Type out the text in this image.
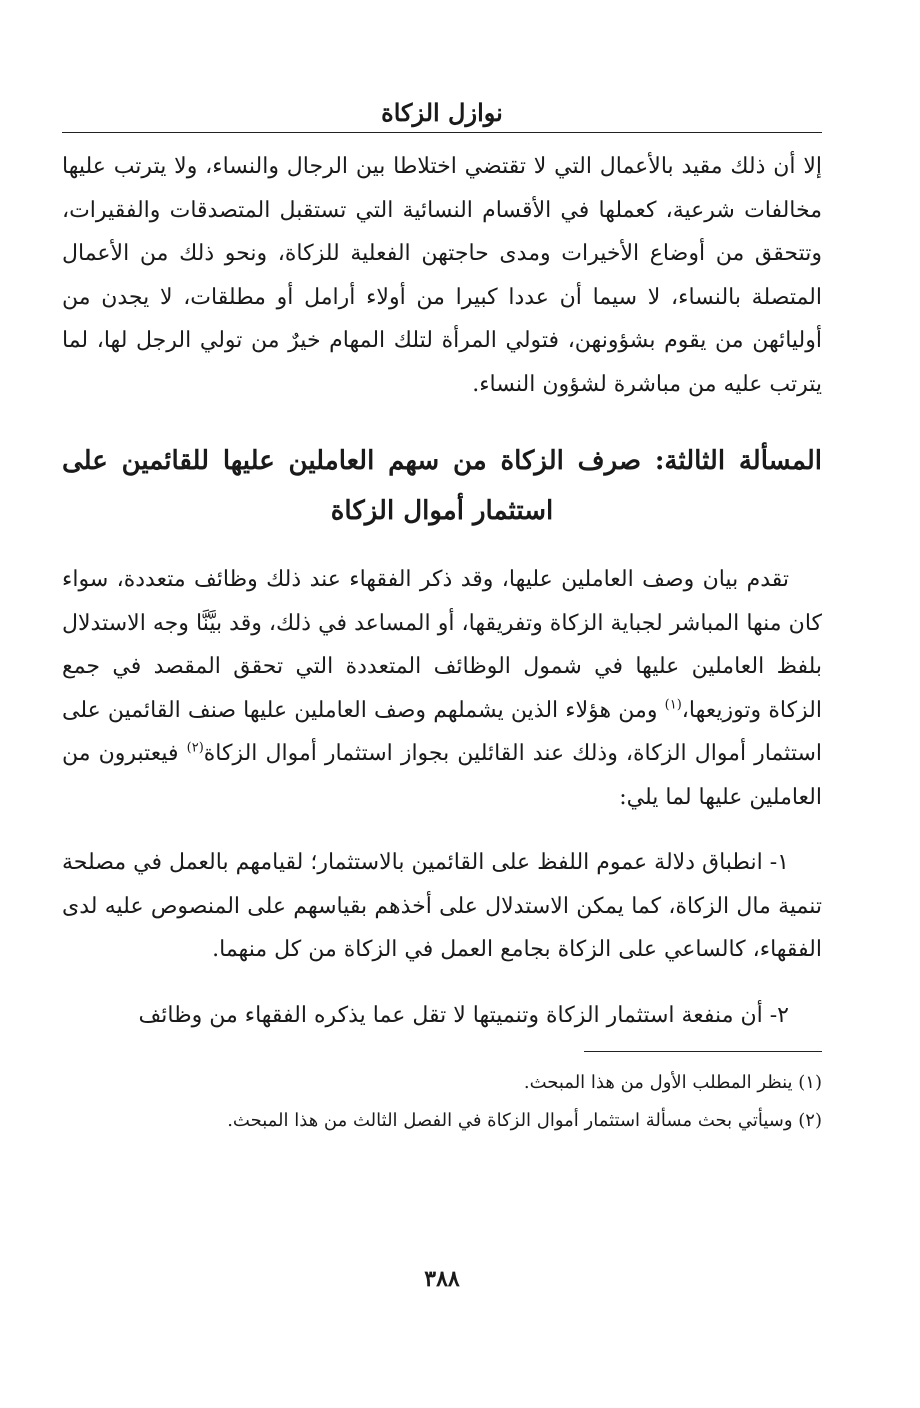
نوازل الزكاة

إلا أن ذلك مقيد بالأعمال التي لا تقتضي اختلاطا بين الرجال والنساء، ولا يترتب عليها مخالفات شرعية، كعملها في الأقسام النسائية التي تستقبل المتصدقات والفقيرات، وتتحقق من أوضاع الأخيرات ومدى حاجتهن الفعلية للزكاة، ونحو ذلك من الأعمال المتصلة بالنساء، لا سيما أن عددا كبيرا من أولاء أرامل أو مطلقات، لا يجدن من أوليائهن من يقوم بشؤونهن، فتولي المرأة لتلك المهام خيرٌ من تولي الرجل لها، لما يترتب عليه من مباشرة لشؤون النساء.

المسألة الثالثة: صرف الزكاة من سهم العاملين عليها للقائمين على استثمار أموال الزكاة

تقدم بيان وصف العاملين عليها، وقد ذكر الفقهاء عند ذلك وظائف متعددة، سواء كان منها المباشر لجباية الزكاة وتفريقها، أو المساعد في ذلك، وقد بيَّنَّا وجه الاستدلال بلفظ العاملين عليها في شمول الوظائف المتعددة التي تحقق المقصد في جمع الزكاة وتوزيعها،$^{(١)}$ ومن هؤلاء الذين يشملهم وصف العاملين عليها صنف القائمين على استثمار أموال الزكاة، وذلك عند القائلين بجواز استثمار أموال الزكاة$^{(٢)}$ فيعتبرون من العاملين عليها لما يلي:

١- انطباق دلالة عموم اللفظ على القائمين بالاستثمار؛ لقيامهم بالعمل في مصلحة تنمية مال الزكاة، كما يمكن الاستدلال على أخذهم بقياسهم على المنصوص عليه لدى الفقهاء، كالساعي على الزكاة بجامع العمل في الزكاة من كل منهما.

٢- أن منفعة استثمار الزكاة وتنميتها لا تقل عما يذكره الفقهاء من وظائف

(١) ينظر المطلب الأول من هذا المبحث.
(٢) وسيأتي بحث مسألة استثمار أموال الزكاة في الفصل الثالث من هذا المبحث.
٣٨٨
